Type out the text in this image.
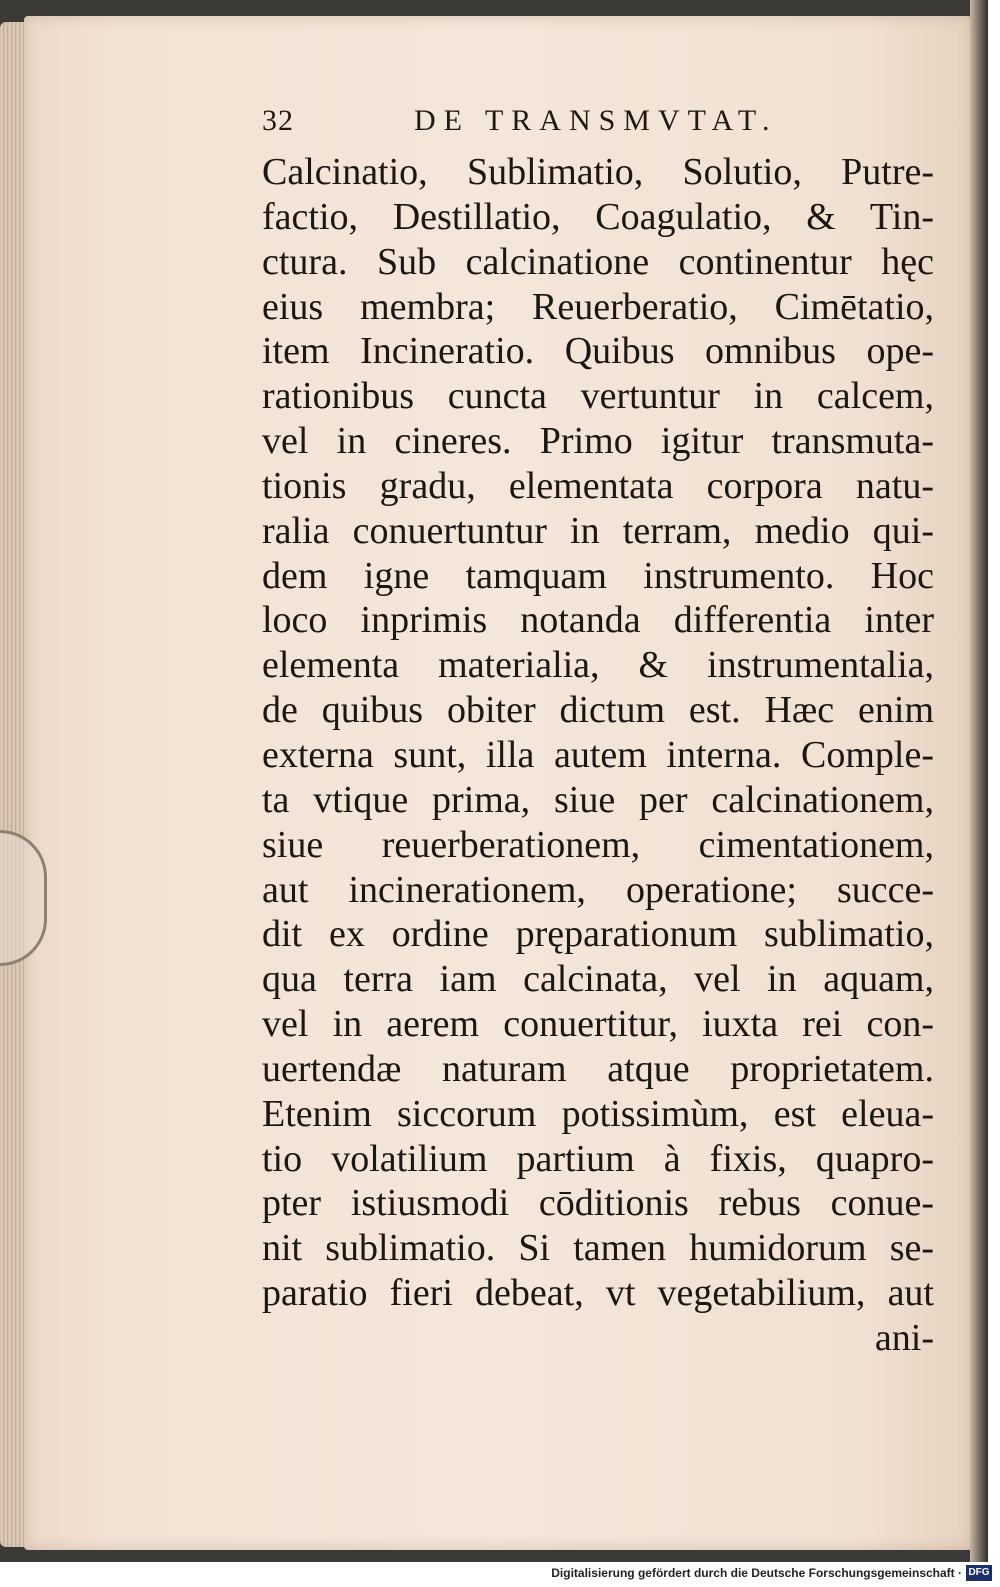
32	DE TRANSMVTAT.
Calcinatio, Sublimatio, Solutio, Putre-
factio, Destillatio, Coagulatio, & Tin-
ctura. Sub calcinatione continentur hęc
eius membra; Reuerberatio, Cimētatio,
item Incineratio. Quibus omnibus ope-
rationibus cuncta vertuntur in calcem,
vel in cineres. Primo igitur transmuta-
tionis gradu, elementata corpora natu-
ralia conuertuntur in terram, medio qui-
dem igne tamquam instrumento. Hoc
loco inprimis notanda differentia inter
elementa materialia, & instrumentalia,
de quibus obiter dictum est. Hæc enim
externa sunt, illa autem interna. Comple-
ta vtique prima, siue per calcinationem,
siue reuerberationem, cimentationem,
aut incinerationem, operatione; succe-
dit ex ordine pręparationum sublimatio,
qua terra iam calcinata, vel in aquam,
vel in aerem conuertitur, iuxta rei con-
uertendæ naturam atque proprietatem.
Etenim siccorum potissimùm, est eleua-
tio volatilium partium à fixis, quapro-
pter istiusmodi cōditionis rebus conue-
nit sublimatio. Si tamen humidorum se-
paratio fieri debeat, vt vegetabilium, aut
ani-
Digitalisierung gefördert durch die Deutsche Forschungsgemeinschaft · DFG
